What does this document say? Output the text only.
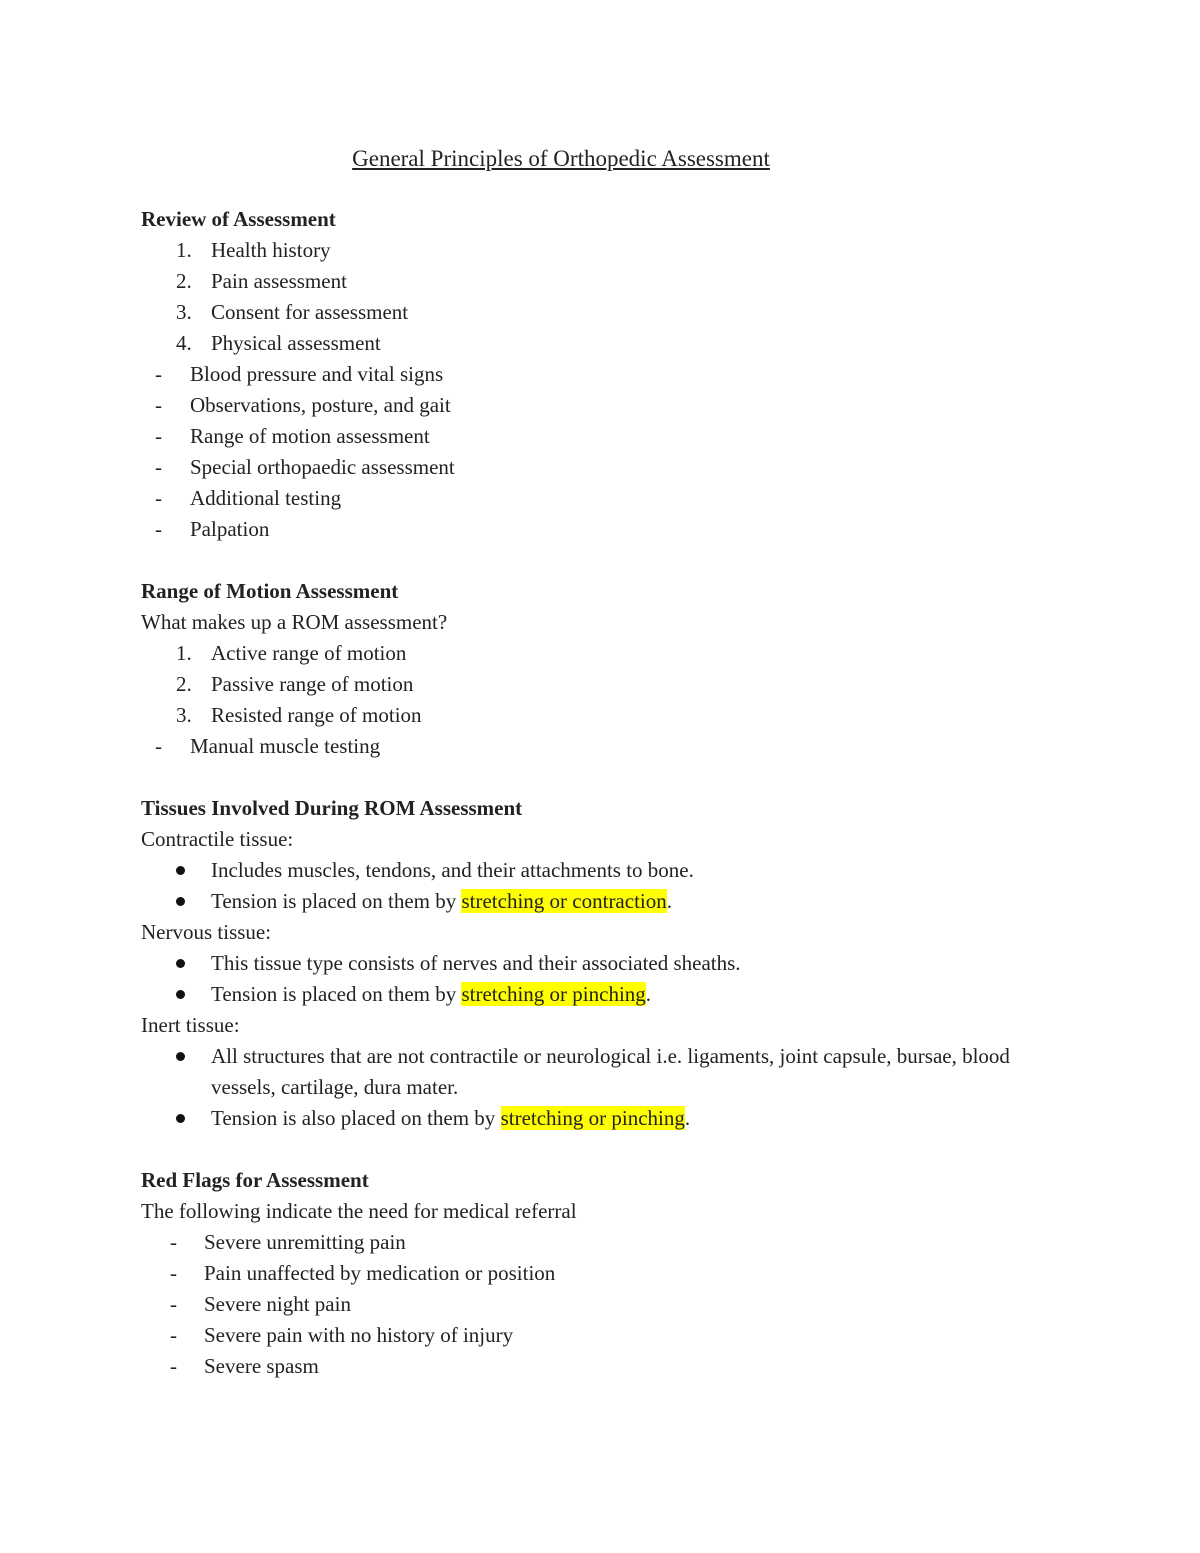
General Principles of Orthopedic Assessment
Review of Assessment
1. Health history
2. Pain assessment
3. Consent for assessment
4. Physical assessment
- Blood pressure and vital signs
- Observations, posture, and gait
- Range of motion assessment
- Special orthopaedic assessment
- Additional testing
- Palpation
Range of Motion Assessment
What makes up a ROM assessment?
1. Active range of motion
2. Passive range of motion
3. Resisted range of motion
- Manual muscle testing
Tissues Involved During ROM Assessment
Contractile tissue:
Includes muscles, tendons, and their attachments to bone.
Tension is placed on them by stretching or contraction.
Nervous tissue:
This tissue type consists of nerves and their associated sheaths.
Tension is placed on them by stretching or pinching.
Inert tissue:
All structures that are not contractile or neurological i.e. ligaments, joint capsule, bursae, blood vessels, cartilage, dura mater.
Tension is also placed on them by stretching or pinching.
Red Flags for Assessment
The following indicate the need for medical referral
- Severe unremitting pain
- Pain unaffected by medication or position
- Severe night pain
- Severe pain with no history of injury
- Severe spasm
